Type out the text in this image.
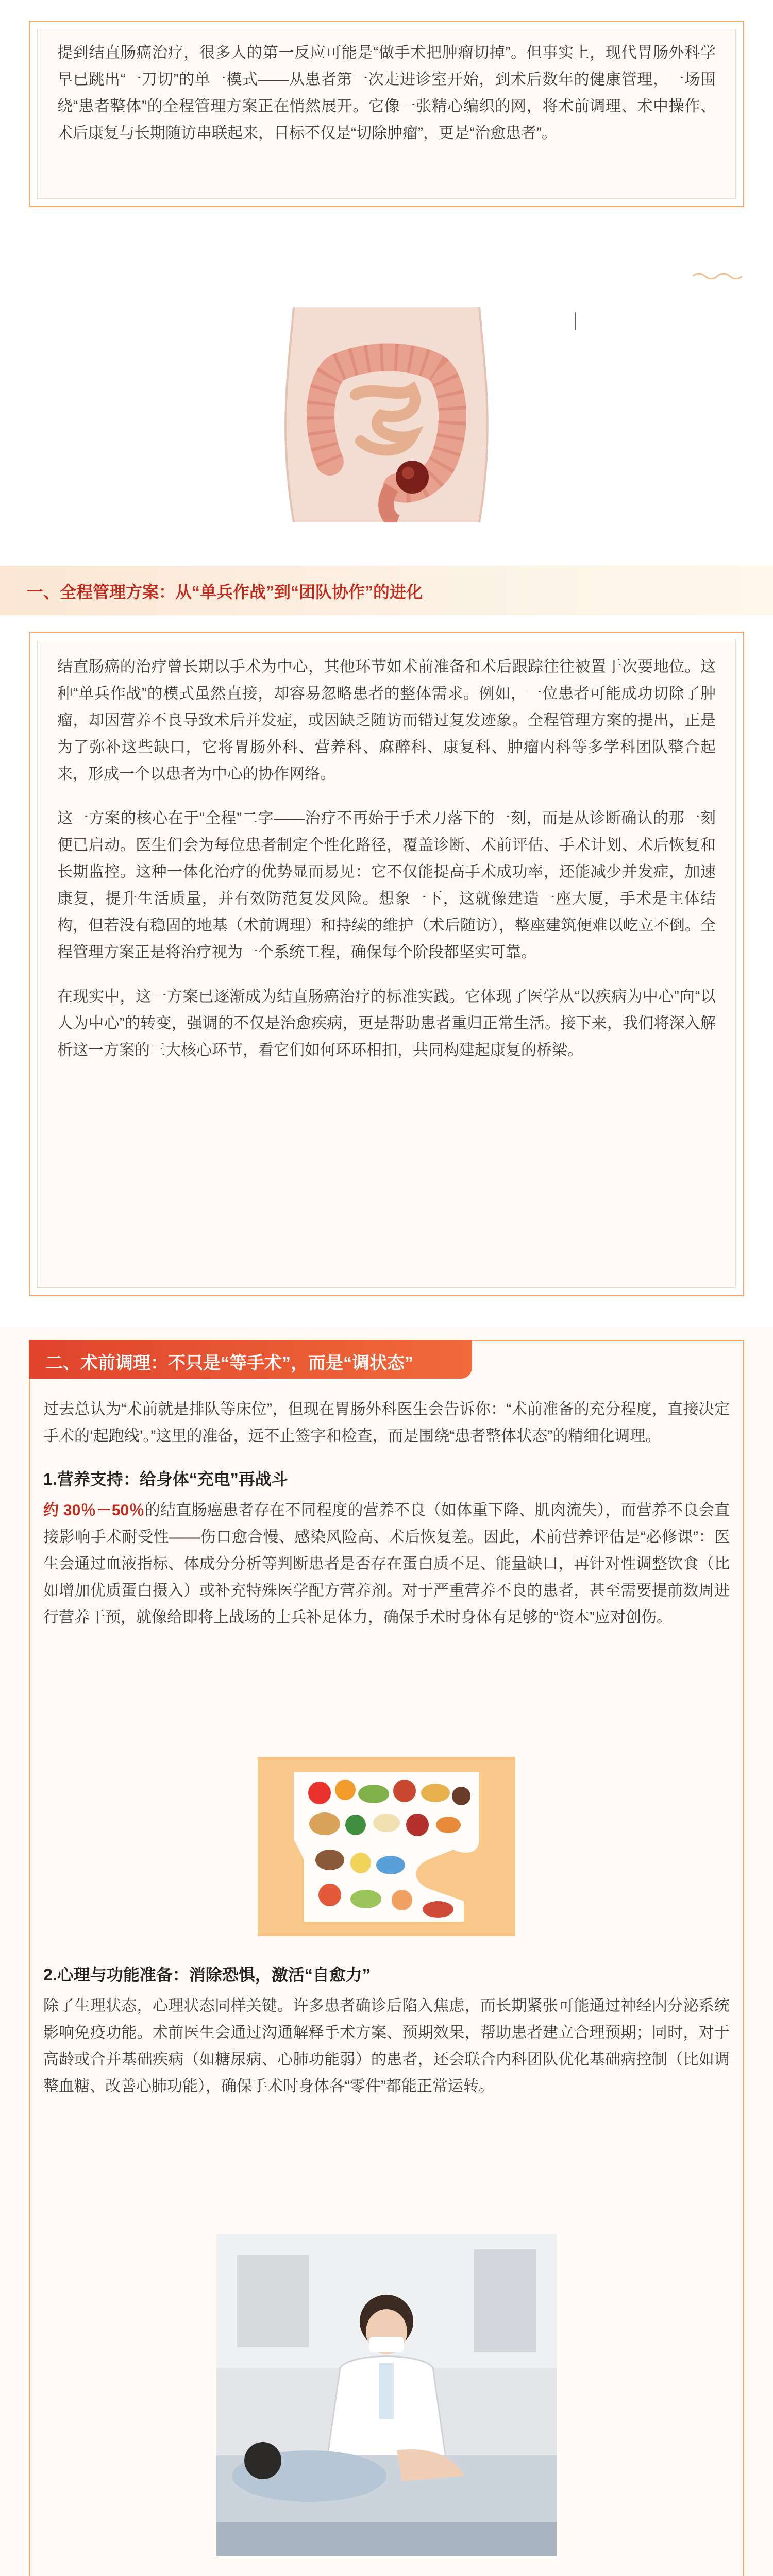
提到结直肠癌治疗，很多人的第一反应可能是“做手术把肿瘤切掉”。但事实上，现代胃肠外科学早已跳出“一刀切”的单一模式——从患者第一次走进诊室开始，到术后数年的健康管理，一场围绕“患者整体”的全程管理方案正在悄然展开。它像一张精心编织的网，将术前调理、术中操作、术后康复与长期随访串联起来，目标不仅是“切除肿瘤”，更是“治愈患者”。

一、全程管理方案：从“单兵作战”到“团队协作”的进化

结直肠癌的治疗曾长期以手术为中心，其他环节如术前准备和术后跟踪往往被置于次要地位。这种“单兵作战”的模式虽然直接，却容易忽略患者的整体需求。例如，一位患者可能成功切除了肿瘤，却因营养不良导致术后并发症，或因缺乏随访而错过复发迹象。全程管理方案的提出，正是为了弥补这些缺口，它将胃肠外科、营养科、麻醉科、康复科、肿瘤内科等多学科团队整合起来，形成一个以患者为中心的协作网络。

这一方案的核心在于“全程”二字——治疗不再始于手术刀落下的一刻，而是从诊断确认的那一刻便已启动。医生们会为每位患者制定个性化路径，覆盖诊断、术前评估、手术计划、术后恢复和长期监控。这种一体化治疗的优势显而易见：它不仅能提高手术成功率，还能减少并发症，加速康复，提升生活质量，并有效防范复发风险。想象一下，这就像建造一座大厦，手术是主体结构，但若没有稳固的地基（术前调理）和持续的维护（术后随访），整座建筑便难以屹立不倒。全程管理方案正是将治疗视为一个系统工程，确保每个阶段都坚实可靠。

在现实中，这一方案已逐渐成为结直肠癌治疗的标准实践。它体现了医学从“以疾病为中心”向“以人为中心”的转变，强调的不仅是治愈疾病，更是帮助患者重归正常生活。接下来，我们将深入解析这一方案的三大核心环节，看它们如何环环相扣，共同构建起康复的桥梁。

二、术前调理：不只是“等手术”，而是“调状态”

过去总认为“术前就是排队等床位”，但现在胃肠外科医生会告诉你：“术前准备的充分程度，直接决定手术的‘起跑线’。”这里的准备，远不止签字和检查，而是围绕“患者整体状态”的精细化调理。

1.营养支持：给身体“充电”再战斗

约 30％－50％的结直肠癌患者存在不同程度的营养不良（如体重下降、肌肉流失），而营养不良会直接影响手术耐受性——伤口愈合慢、感染风险高、术后恢复差。因此，术前营养评估是“必修课”：医生会通过血液指标、体成分分析等判断患者是否存在蛋白质不足、能量缺口，再针对性调整饮食（比如增加优质蛋白摄入）或补充特殊医学配方营养剂。对于严重营养不良的患者，甚至需要提前数周进行营养干预，就像给即将上战场的士兵补足体力，确保手术时身体有足够的“资本”应对创伤。

2.心理与功能准备：消除恐惧，激活“自愈力”

除了生理状态，心理状态同样关键。许多患者确诊后陷入焦虑，而长期紧张可能通过神经内分泌系统影响免疫功能。术前医生会通过沟通解释手术方案、预期效果，帮助患者建立合理预期；同时，对于高龄或合并基础疾病（如糖尿病、心肺功能弱）的患者，还会联合内科团队优化基础病控制（比如调整血糖、改善心肺功能），确保手术时身体各“零件”都能正常运转。
